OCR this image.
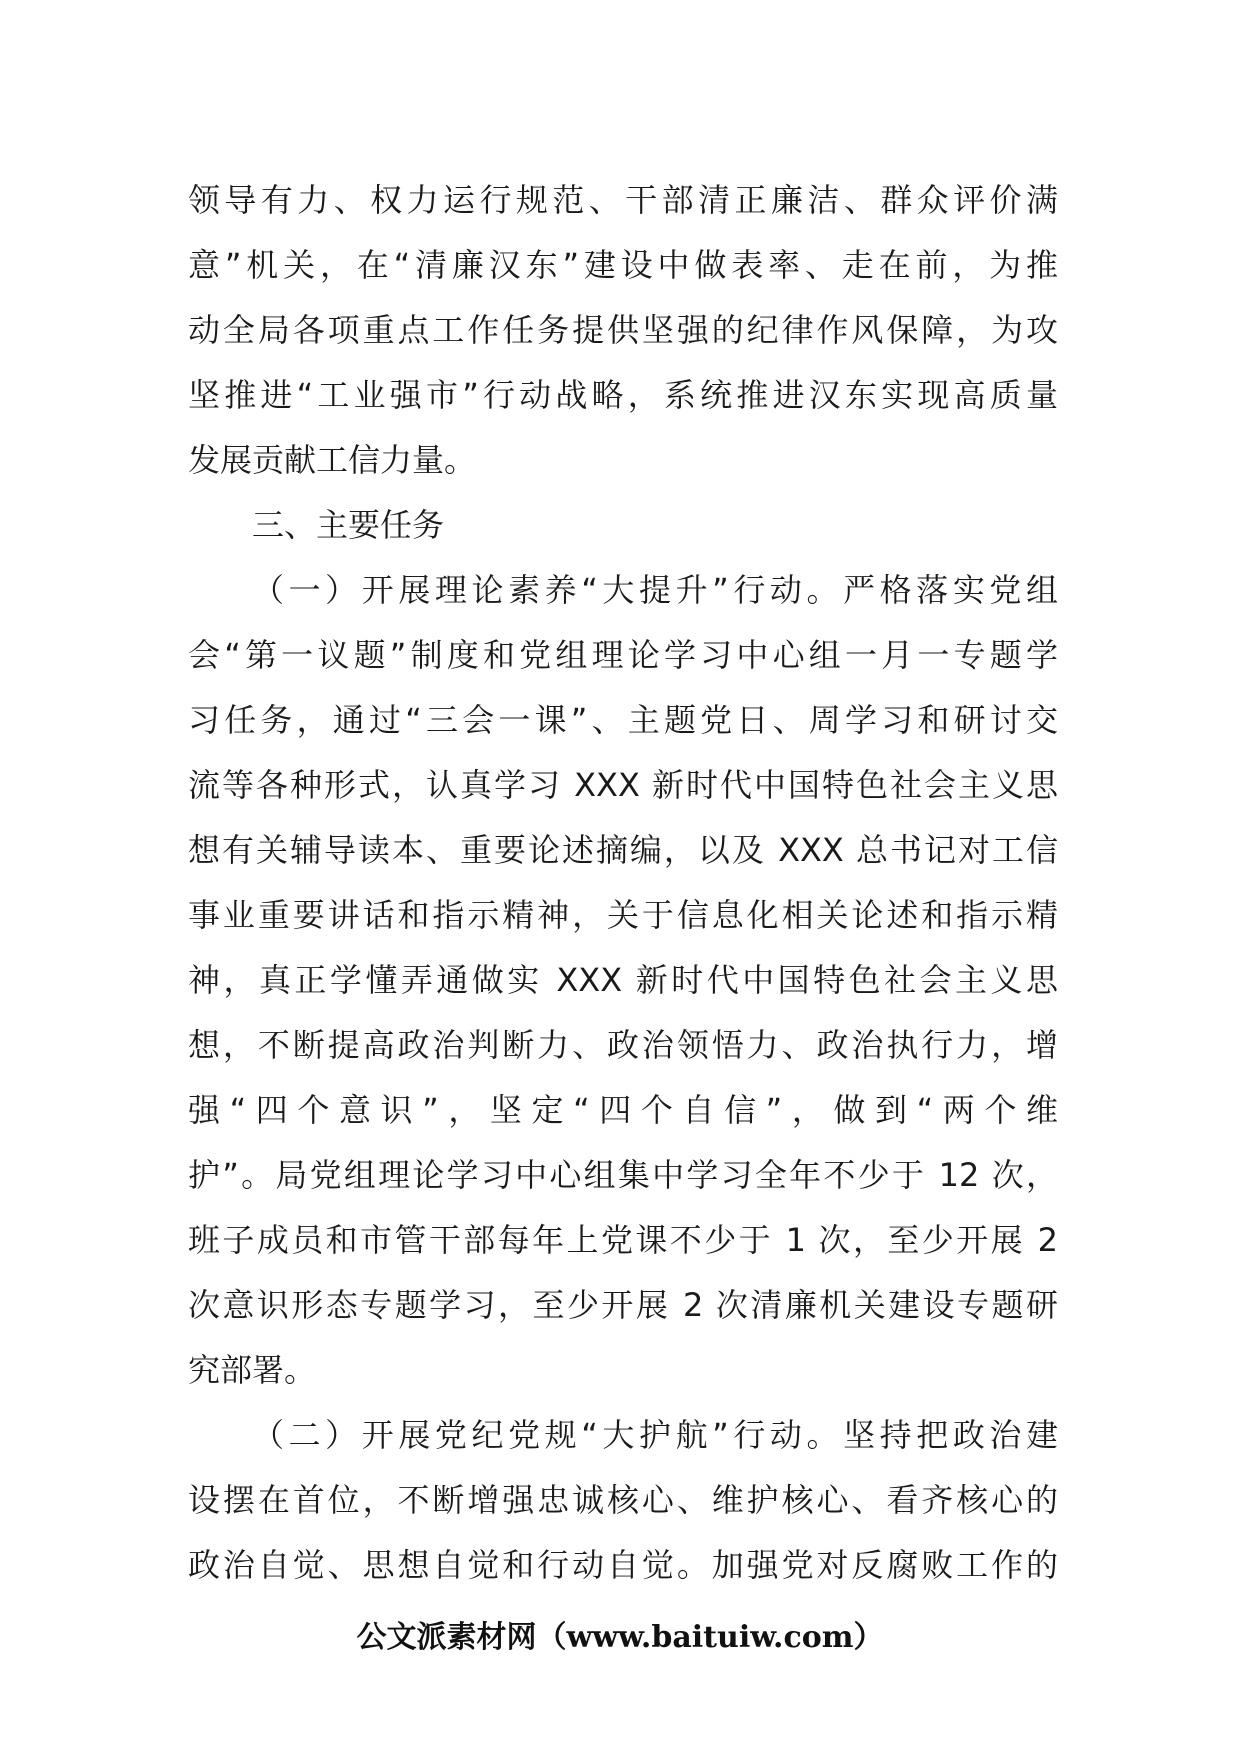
领导有力、权力运行规范、干部清正廉洁、群众评价满
意”机关，在“清廉汉东”建设中做表率、走在前，为推
动全局各项重点工作任务提供坚强的纪律作风保障，为攻
坚推进“工业强市”行动战略，系统推进汉东实现高质量
发展贡献工信力量。
三、主要任务
（一）开展理论素养“大提升”行动。严格落实党组
会“第一议题”制度和党组理论学习中心组一月一专题学
习任务，通过“三会一课”、主题党日、周学习和研讨交
流等各种形式，认真学习 XXX 新时代中国特色社会主义思
想有关辅导读本、重要论述摘编，以及 XXX 总书记对工信
事业重要讲话和指示精神，关于信息化相关论述和指示精
神，真正学懂弄通做实 XXX 新时代中国特色社会主义思
想，不断提高政治判断力、政治领悟力、政治执行力，增
强“四个意识”，坚定“四个自信”，做到“两个维
护”。局党组理论学习中心组集中学习全年不少于 12 次，
班子成员和市管干部每年上党课不少于 1 次，至少开展 2
次意识形态专题学习，至少开展 2 次清廉机关建设专题研
究部署。
（二）开展党纪党规“大护航”行动。坚持把政治建
设摆在首位，不断增强忠诚核心、维护核心、看齐核心的
政治自觉、思想自觉和行动自觉。加强党对反腐败工作的
公文派素材网（www.baituiw.com）
